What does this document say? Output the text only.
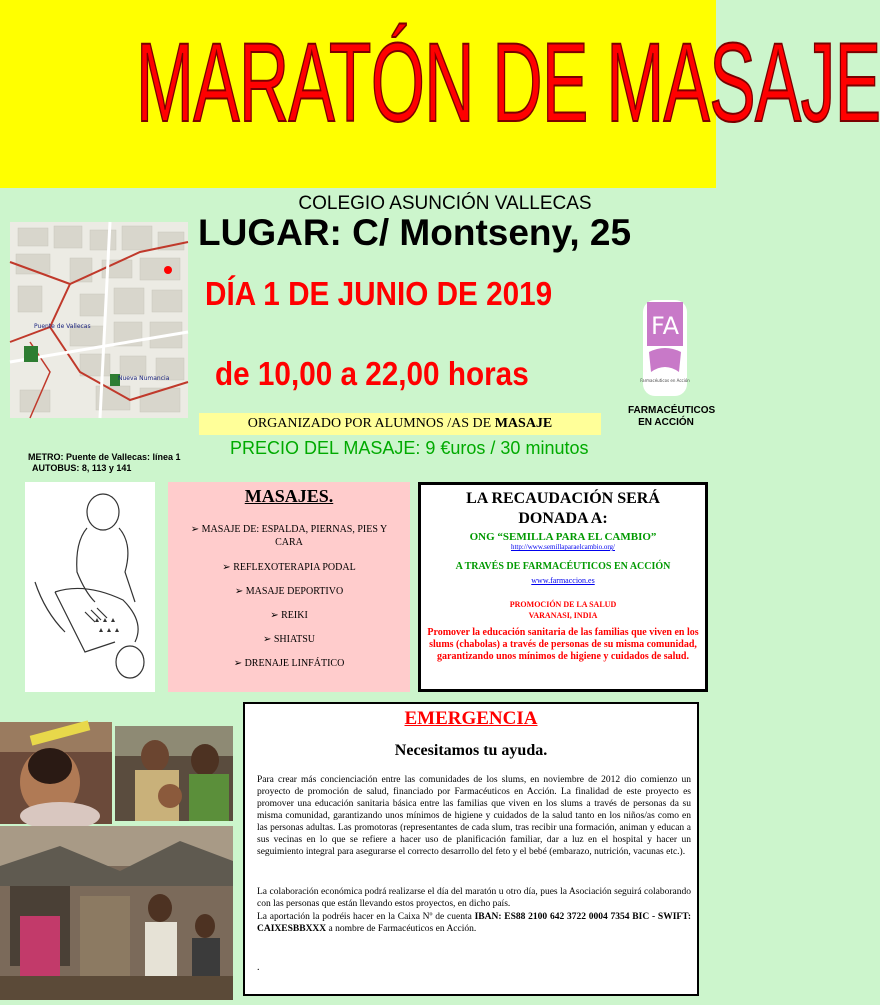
MARATÓN DE MASAJE
Puente de Vallecas
Nueva Numancia
COLEGIO ASUNCIÓN VALLECAS
LUGAR: C/ Montseny, 25
DÍA 1 DE JUNIO DE 2019
de 10,00 a 22,00 horas
FA
Farmacéuticos en Acción
FARMACÉUTICOS EN ACCIÓN
ORGANIZADO POR ALUMNOS /AS DE MASAJE
PRECIO DEL MASAJE: 9 €uros / 30 minutos
METRO: Puente de Vallecas: línea 1
AUTOBUS: 8, 113 y 141
MASAJES.
➢ MASAJE DE: ESPALDA, PIERNAS, PIES Y CARA
➢ REFLEXOTERAPIA PODAL
➢ MASAJE DEPORTIVO
➢ REIKI
➢ SHIATSU
➢ DRENAJE LINFÁTICO
LA RECAUDACIÓN SERÁ
DONADA A:
ONG “SEMILLA PARA EL CAMBIO”
http://www.semillaparaelcambio.org/
A TRAVÉS DE FARMACÉUTICOS EN ACCIÓN
www.farmaccion.es
PROMOCIÓN DE LA SALUD
VARANASI, INDIA
Promover la educación sanitaria de las familias que viven en los slums (chabolas) a través de personas de su misma comunidad, garantizando unos mínimos de higiene y cuidados de salud.
EMERGENCIA
Necesitamos tu ayuda.
Para crear más concienciación entre las comunidades de los slums, en noviembre de 2012 dio comienzo un proyecto de promoción de salud, financiado por Farmacéuticos en Acción. La finalidad de este proyecto es promover una educación sanitaria básica entre las familias que viven en los slums a través de personas da su misma comunidad, garantizando unos mínimos de higiene y cuidados de la salud tanto en los niños/as como en las personas adultas. Las promotoras (representantes de cada slum, tras recibir una formación, animan y educan a sus vecinas en lo que se refiere a hacer uso de planificación familiar, dar a luz en el hospital y hacer un seguimiento integral para asegurarse el correcto desarrollo del feto y el bebé (embarazo, nutrición, vacunas etc.).
La colaboración económica podrá realizarse el día del maratón u otro día, pues la Asociación seguirá colaborando con las personas que están llevando estos proyectos, en dicho país.
La aportación la podréis hacer en la Caixa Nº de cuenta IBAN: ES88 2100 642 3722 0004 7354 BIC - SWIFT: CAIXESBBXXX a nombre de Farmacéuticos en Acción.
.
